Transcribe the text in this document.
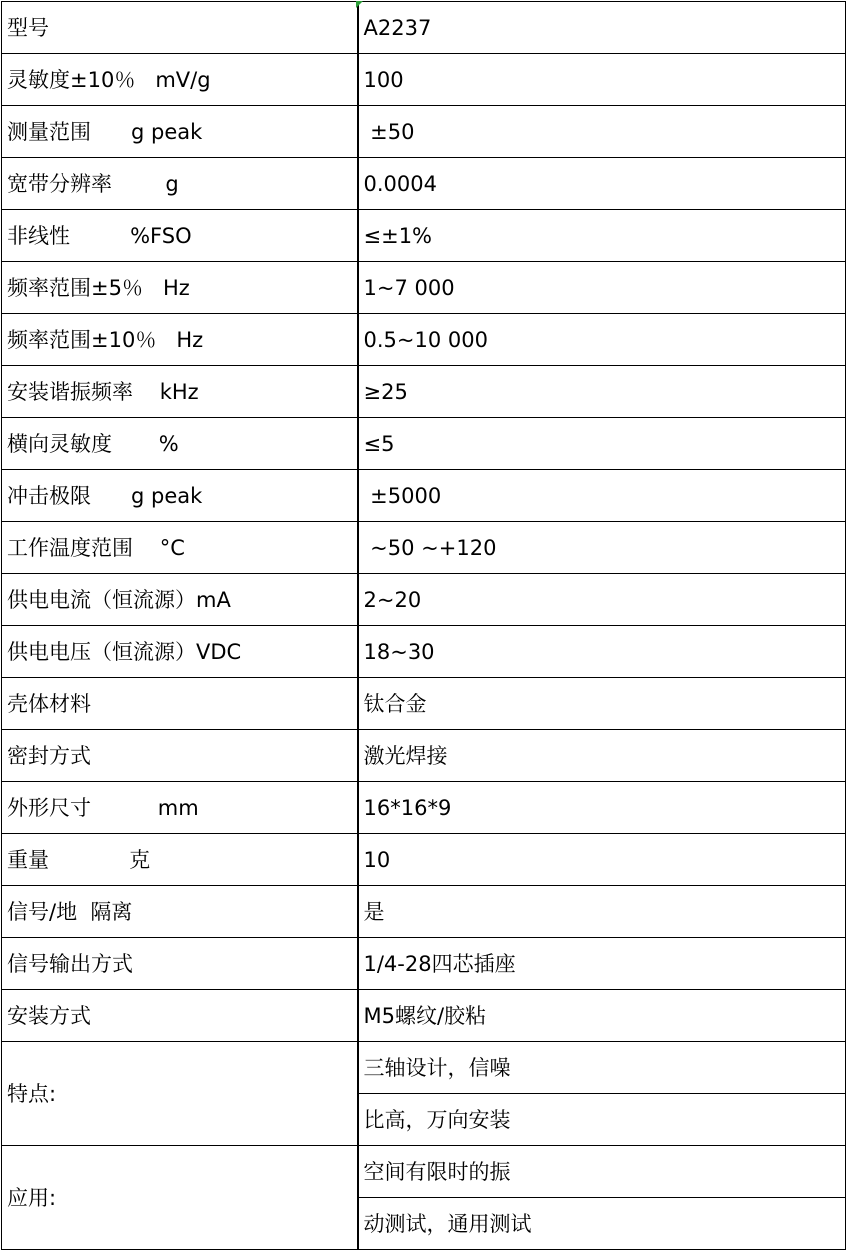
型号	A2237
灵敏度±10％   mV/g	100
测量范围      g peak	±50
宽带分辨率        g	0.0004
非线性         %FSO	≤±1%
频率范围±5％   Hz	1~7 000
频率范围±10％   Hz	0.5~10 000
安装谐振频率    kHz	≥25
横向灵敏度       %	≤5
冲击极限      g peak	±5000
工作温度范围    °C	~50 ~+120
供电电流（恒流源）mA	2~20
供电电压（恒流源）VDC	18~30
壳体材料	钛合金
密封方式	激光焊接
外形尺寸          mm	16*16*9
重量            克	10
信号/地  隔离	是
信号输出方式	1/4-28四芯插座
安装方式	M5螺纹/胶粘
特点:	三轴设计，信噪
	比高，万向安装
应用:	空间有限时的振
	动测试，通用测试
